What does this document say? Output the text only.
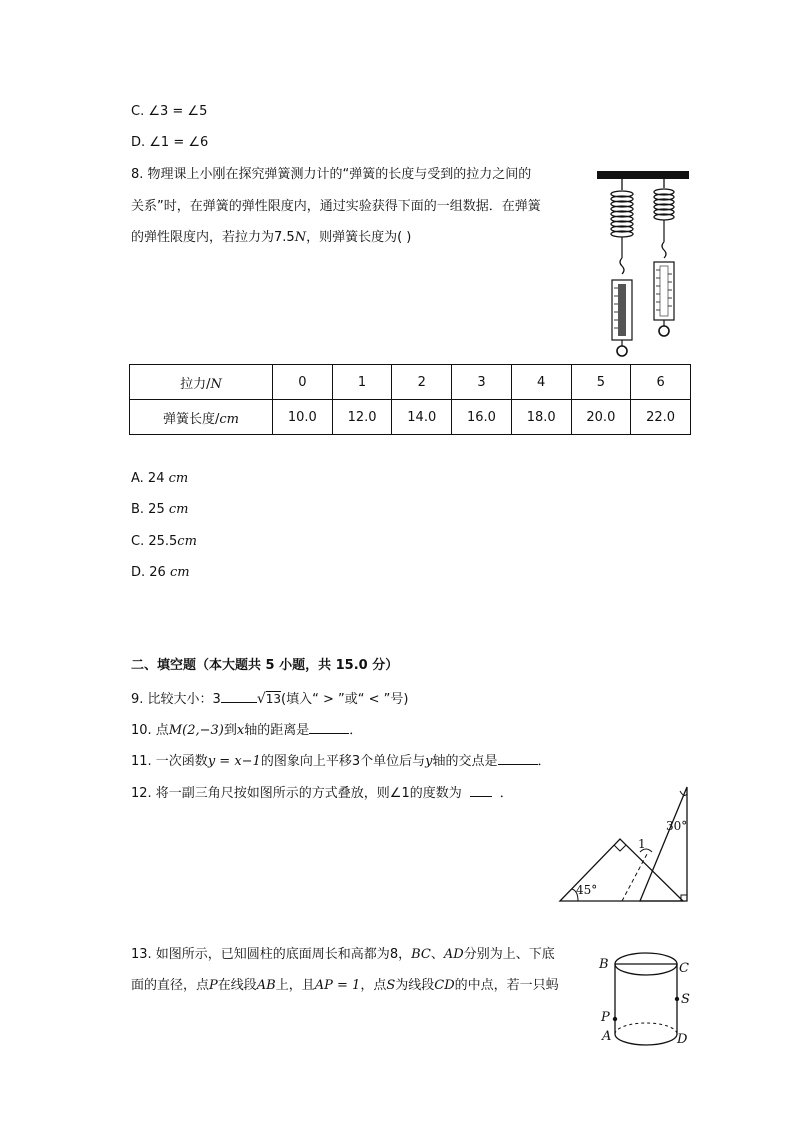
C. ∠3 = ∠5
D. ∠1 = ∠6
8. 物理课上小刚在探究弹簧测力计的“弹簧的长度与受到的拉力之间的
关系”时，在弹簧的弹性限度内，通过实验获得下面的一组数据．在弹簧
的弹性限度内，若拉力为7.5N，则弹簧长度为( )
拉力/N	0	1	2	3	4	5	6
弹簧长度/cm	10.0	12.0	14.0	16.0	18.0	20.0	22.0
A. 24 cm
B. 25 cm
C. 25.5cm
D. 26 cm
二、填空题（本大题共 5 小题，共 15.0 分）
9. 比较大小：3	√13(填入“ > ”或“ < ”号)
10. 点M(2,−3)到x轴的距离是	．
11. 一次函数y = x−1的图象向上平移3个单位后与y轴的交点是	．
12. 将一副三角尺按如图所示的方式叠放，则∠1的度数为	．
30°
45°
1
13. 如图所示，已知圆柱的底面周长和高都为8，BC、AD分别为上、下底
面的直径，点P在线段AB上，且AP = 1，点S为线段CD的中点，若一只蚂
B	C
S
P
A	D
